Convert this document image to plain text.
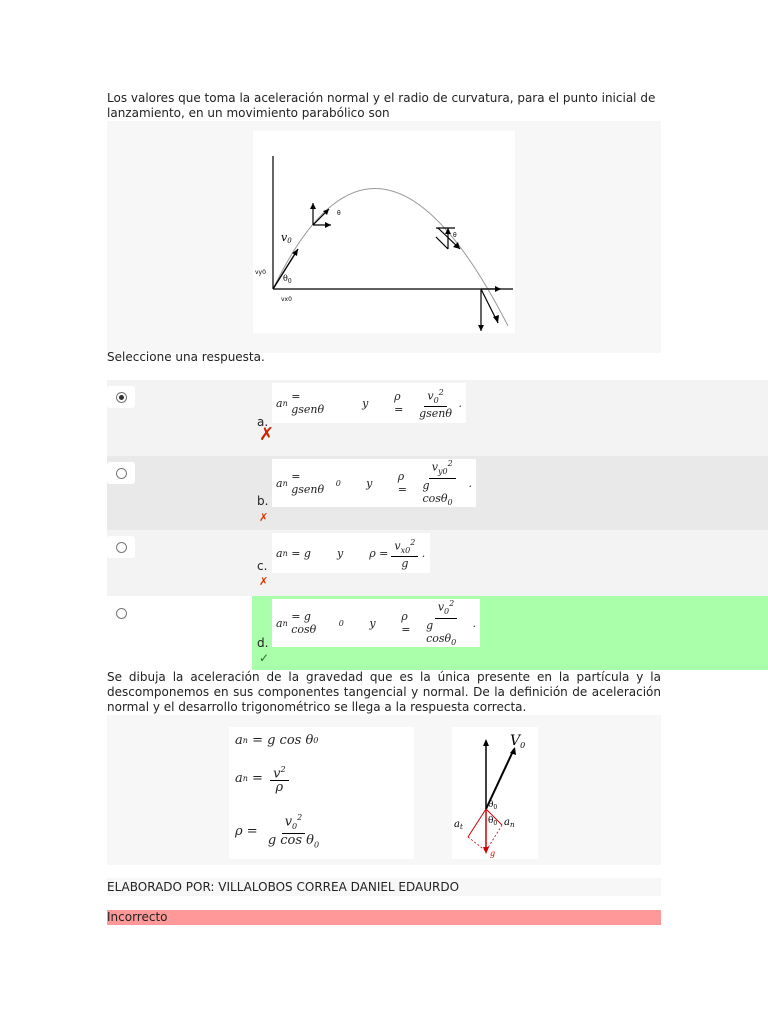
Los valores que toma la aceleración normal y el radio de curvatura, para el punto inicial de lanzamiento, en un movimiento parabólico son
v0
$\theta_0$
vy0
vx0
θ
θ
Seleccione una respuesta.
a n
= gsenθ	y ρ =	$\frac{v_0^2}{\text{gsenθ}}$ .
a.
✗
a n
= gsenθ	0 y ρ =	$\frac{v_{y0}^2}{g \cos\theta_0}$ .
b.
✗
a n
= g y $\rho = \frac{v_{x0}^2}{g}$ .
c.
✗
a n
= g cosθ	0 y ρ =	$\frac{v_0^2}{g \cos\theta_0}$ .
d.
✓
Se dibuja la aceleración de la gravedad que es la única presente en la partícula y la descomponemos en sus componentes tangencial y normal. De la definición de aceleración normal y el desarrollo trigonométrico se llega a la respuesta correcta.
a n
= g cos θ 0
a $n = \frac{v^2}{\rho}$
ρ =
$\frac{v_0^2}{g \cos \theta_0}$
$V_0$
$\theta_0$
g
$\theta_0$
$a_t$	$a_n$
ELABORADO POR: VILLALOBOS CORREA DANIEL EDAURDO
Incorrecto
